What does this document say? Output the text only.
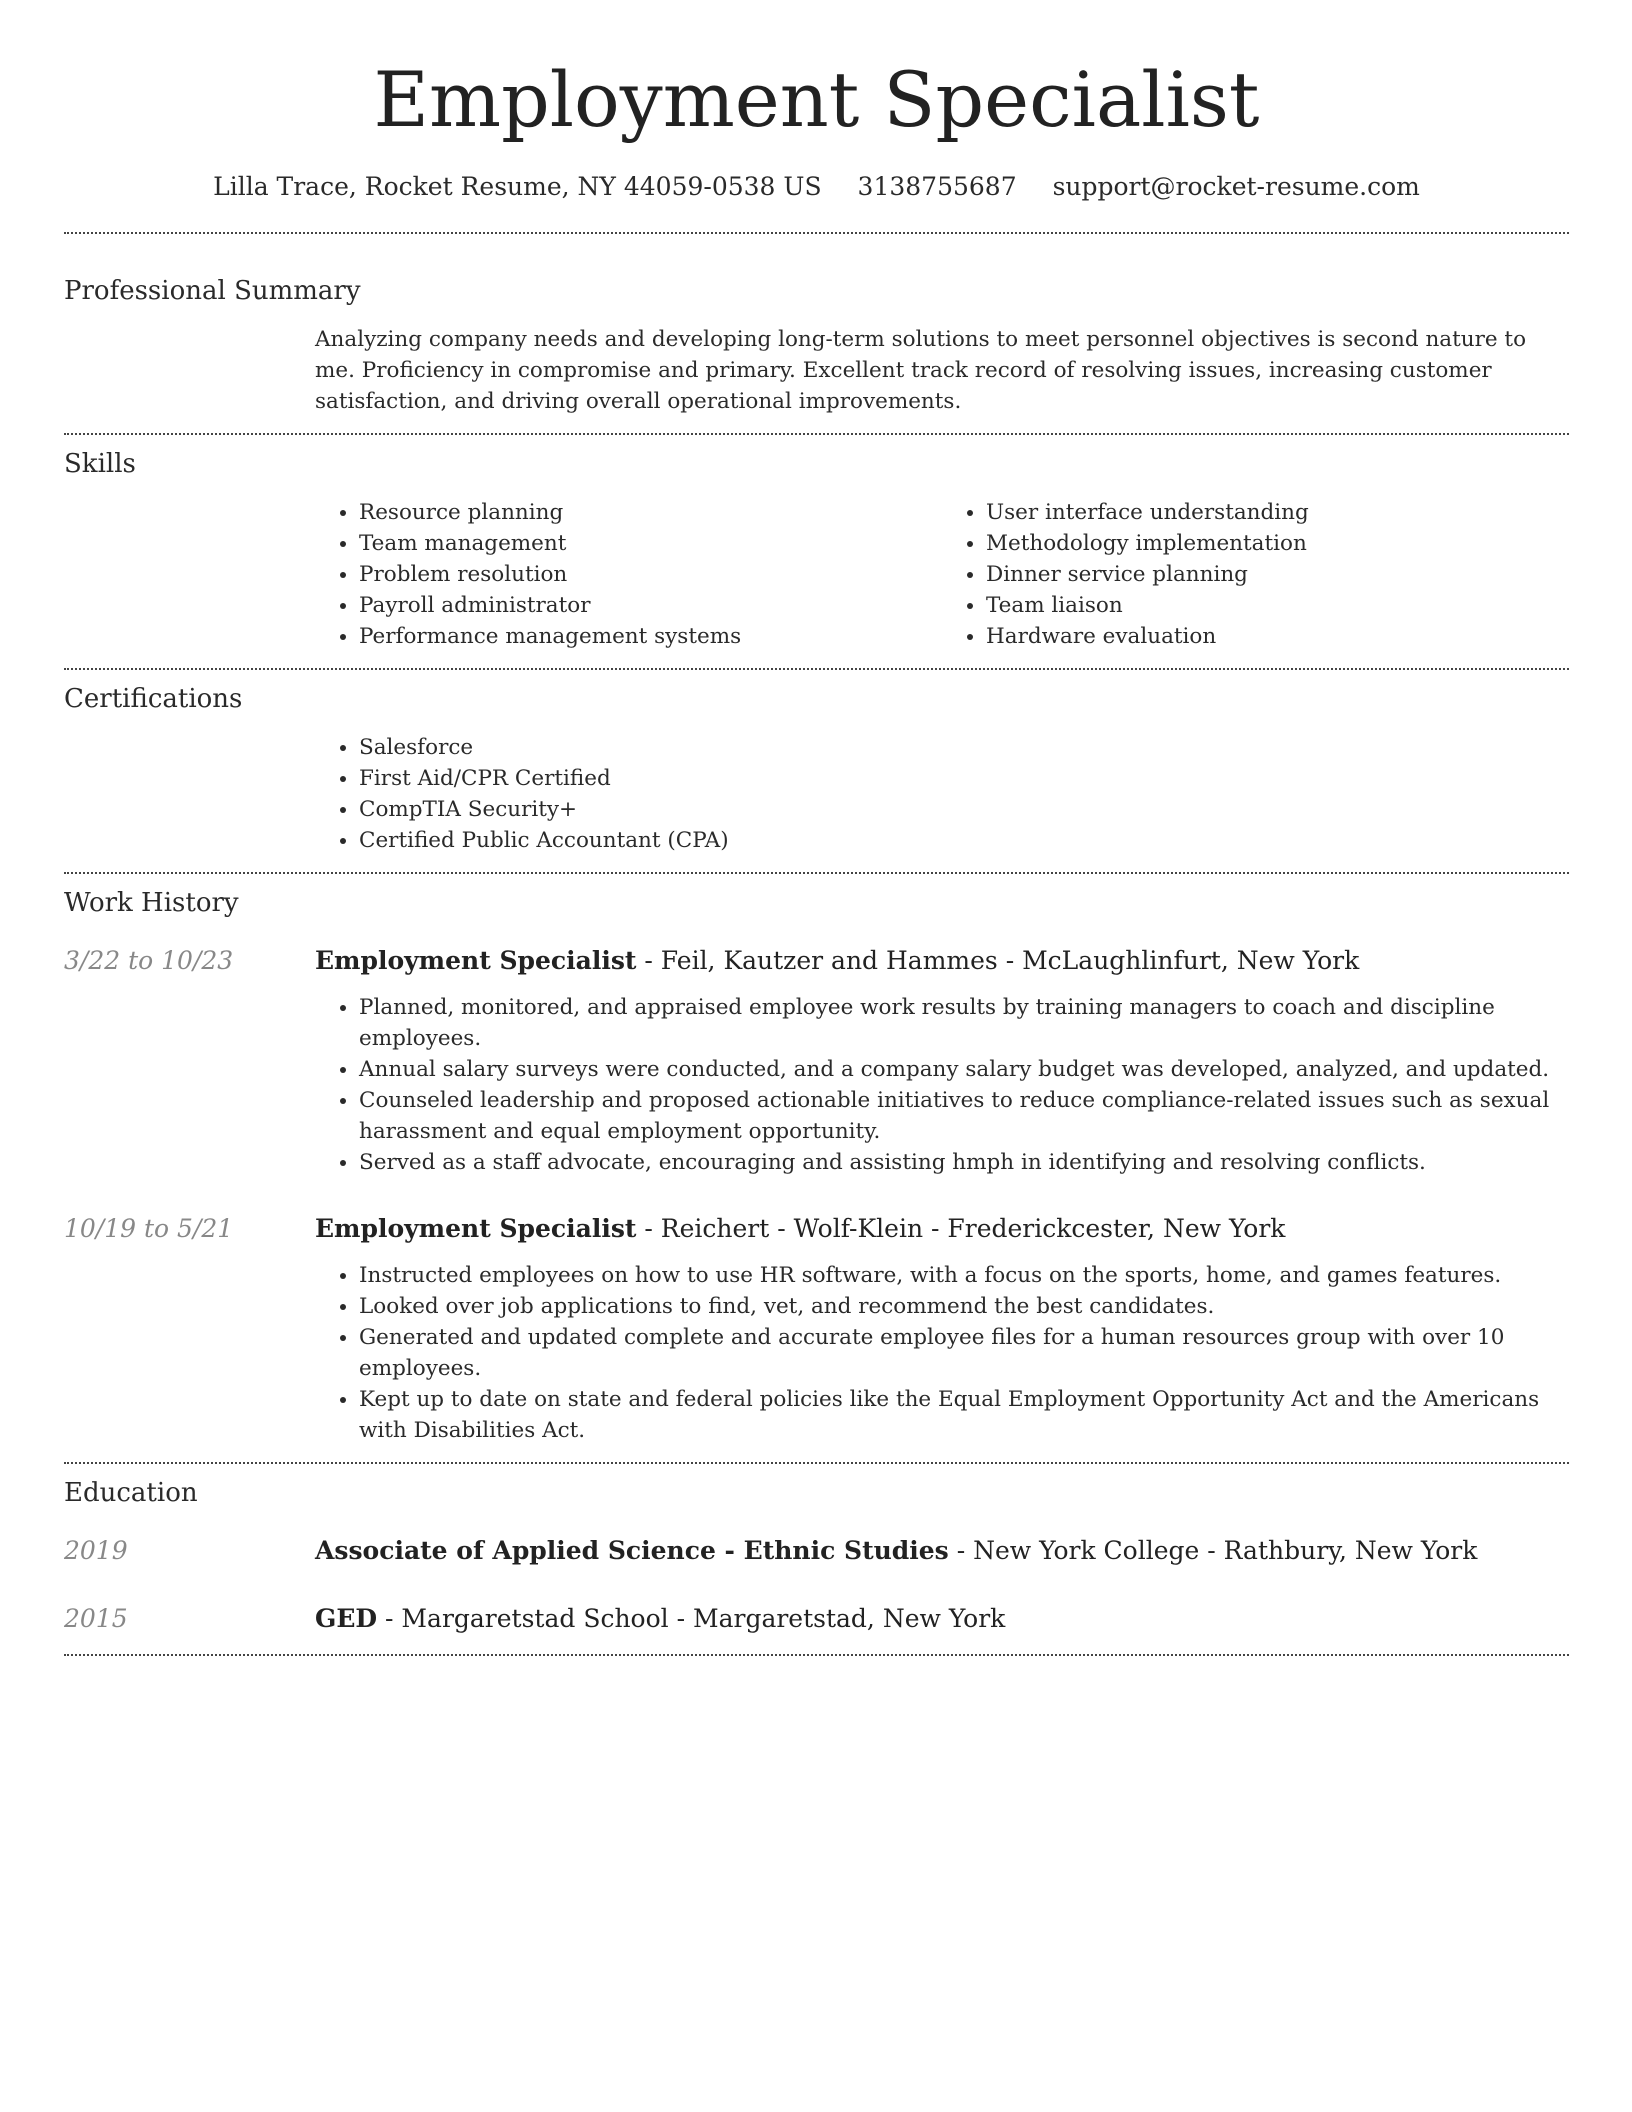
Employment Specialist
Lilla Trace, Rocket Resume, NY 44059-0538 US 3138755687 support@rocket-resume.com
Professional Summary
Analyzing company needs and developing long-term solutions to meet personnel objectives is second nature to me. Proficiency in compromise and primary. Excellent track record of resolving issues, increasing customer satisfaction, and driving overall operational improvements.
Skills
• Resource planning
• Team management
• Problem resolution
• Payroll administrator
• Performance management systems
• User interface understanding
• Methodology implementation
• Dinner service planning
• Team liaison
• Hardware evaluation
Certifications
• Salesforce
• First Aid/CPR Certified
• CompTIA Security+
• Certified Public Accountant (CPA)
Work History
3/22 to 10/23	Employment Specialist - Feil, Kautzer and Hammes - McLaughlinfurt, New York
• Planned, monitored, and appraised employee work results by training managers to coach and discipline employees.
• Annual salary surveys were conducted, and a company salary budget was developed, analyzed, and updated.
• Counseled leadership and proposed actionable initiatives to reduce compliance-related issues such as sexual harassment and equal employment opportunity.
• Served as a staff advocate, encouraging and assisting hmph in identifying and resolving conflicts.
10/19 to 5/21	Employment Specialist - Reichert - Wolf-Klein - Frederickcester, New York
• Instructed employees on how to use HR software, with a focus on the sports, home, and games features.
• Looked over job applications to find, vet, and recommend the best candidates.
• Generated and updated complete and accurate employee files for a human resources group with over 10 employees.
• Kept up to date on state and federal policies like the Equal Employment Opportunity Act and the Americans with Disabilities Act.
Education
2019	Associate of Applied Science - Ethnic Studies - New York College - Rathbury, New York
2015	GED - Margaretstad School - Margaretstad, New York
